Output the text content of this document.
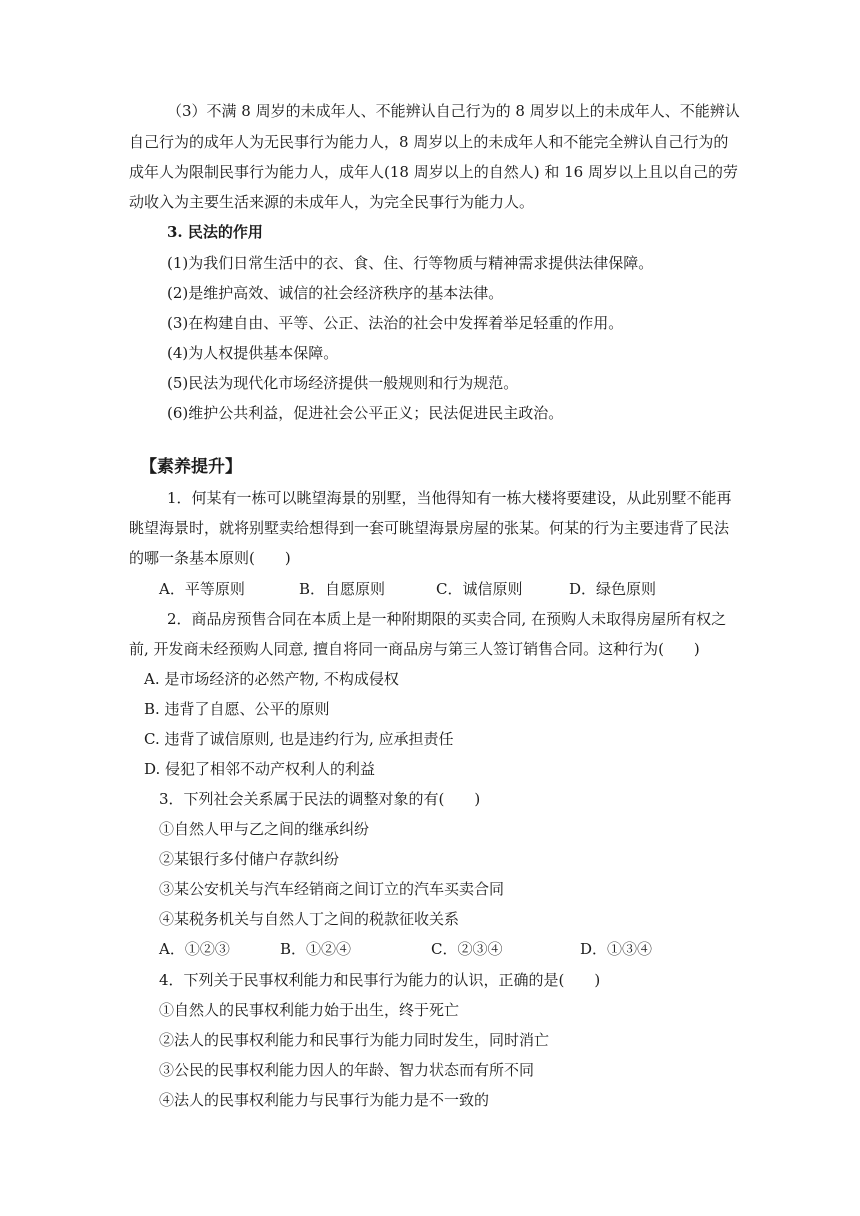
（3）不满 8 周岁的未成年人、不能辨认自己行为的 8 周岁以上的未成年人、不能辨认
自己行为的成年人为无民事行为能力人，8 周岁以上的未成年人和不能完全辨认自己行为的
成年人为限制民事行为能力人，成年人(18 周岁以上的自然人) 和 16 周岁以上且以自己的劳
动收入为主要生活来源的未成年人，为完全民事行为能力人。
3. 民法的作用
(1)为我们日常生活中的衣、食、住、行等物质与精神需求提供法律保障。
(2)是维护高效、诚信的社会经济秩序的基本法律。
(3)在构建自由、平等、公正、法治的社会中发挥着举足轻重的作用。
(4)为人权提供基本保障。
(5)民法为现代化市场经济提供一般规则和行为规范。
(6)维护公共利益，促进社会公平正义；民法促进民主政治。
【素养提升】
1．何某有一栋可以眺望海景的别墅，当他得知有一栋大楼将要建设，从此别墅不能再
眺望海景时，就将别墅卖给想得到一套可眺望海景房屋的张某。何某的行为主要违背了民法
的哪一条基本原则(　　)
A．平等原则	B．自愿原则	C．诚信原则	D．绿色原则
2．商品房预售合同在本质上是一种附期限的买卖合同, 在预购人未取得房屋所有权之
前, 开发商未经预购人同意, 擅自将同一商品房与第三人签订销售合同。这种行为(　　)
A. 是市场经济的必然产物, 不构成侵权
B. 违背了自愿、公平的原则
C. 违背了诚信原则, 也是违约行为, 应承担责任
D. 侵犯了相邻不动产权利人的利益
3．下列社会关系属于民法的调整对象的有(　　)
①自然人甲与乙之间的继承纠纷
②某银行多付储户存款纠纷
③某公安机关与汽车经销商之间订立的汽车买卖合同
④某税务机关与自然人丁之间的税款征收关系
A．①②③	B．①②④	C．②③④	D．①③④
4．下列关于民事权利能力和民事行为能力的认识，正确的是(　　)
①自然人的民事权利能力始于出生，终于死亡
②法人的民事权利能力和民事行为能力同时发生，同时消亡
③公民的民事权利能力因人的年龄、智力状态而有所不同
④法人的民事权利能力与民事行为能力是不一致的
